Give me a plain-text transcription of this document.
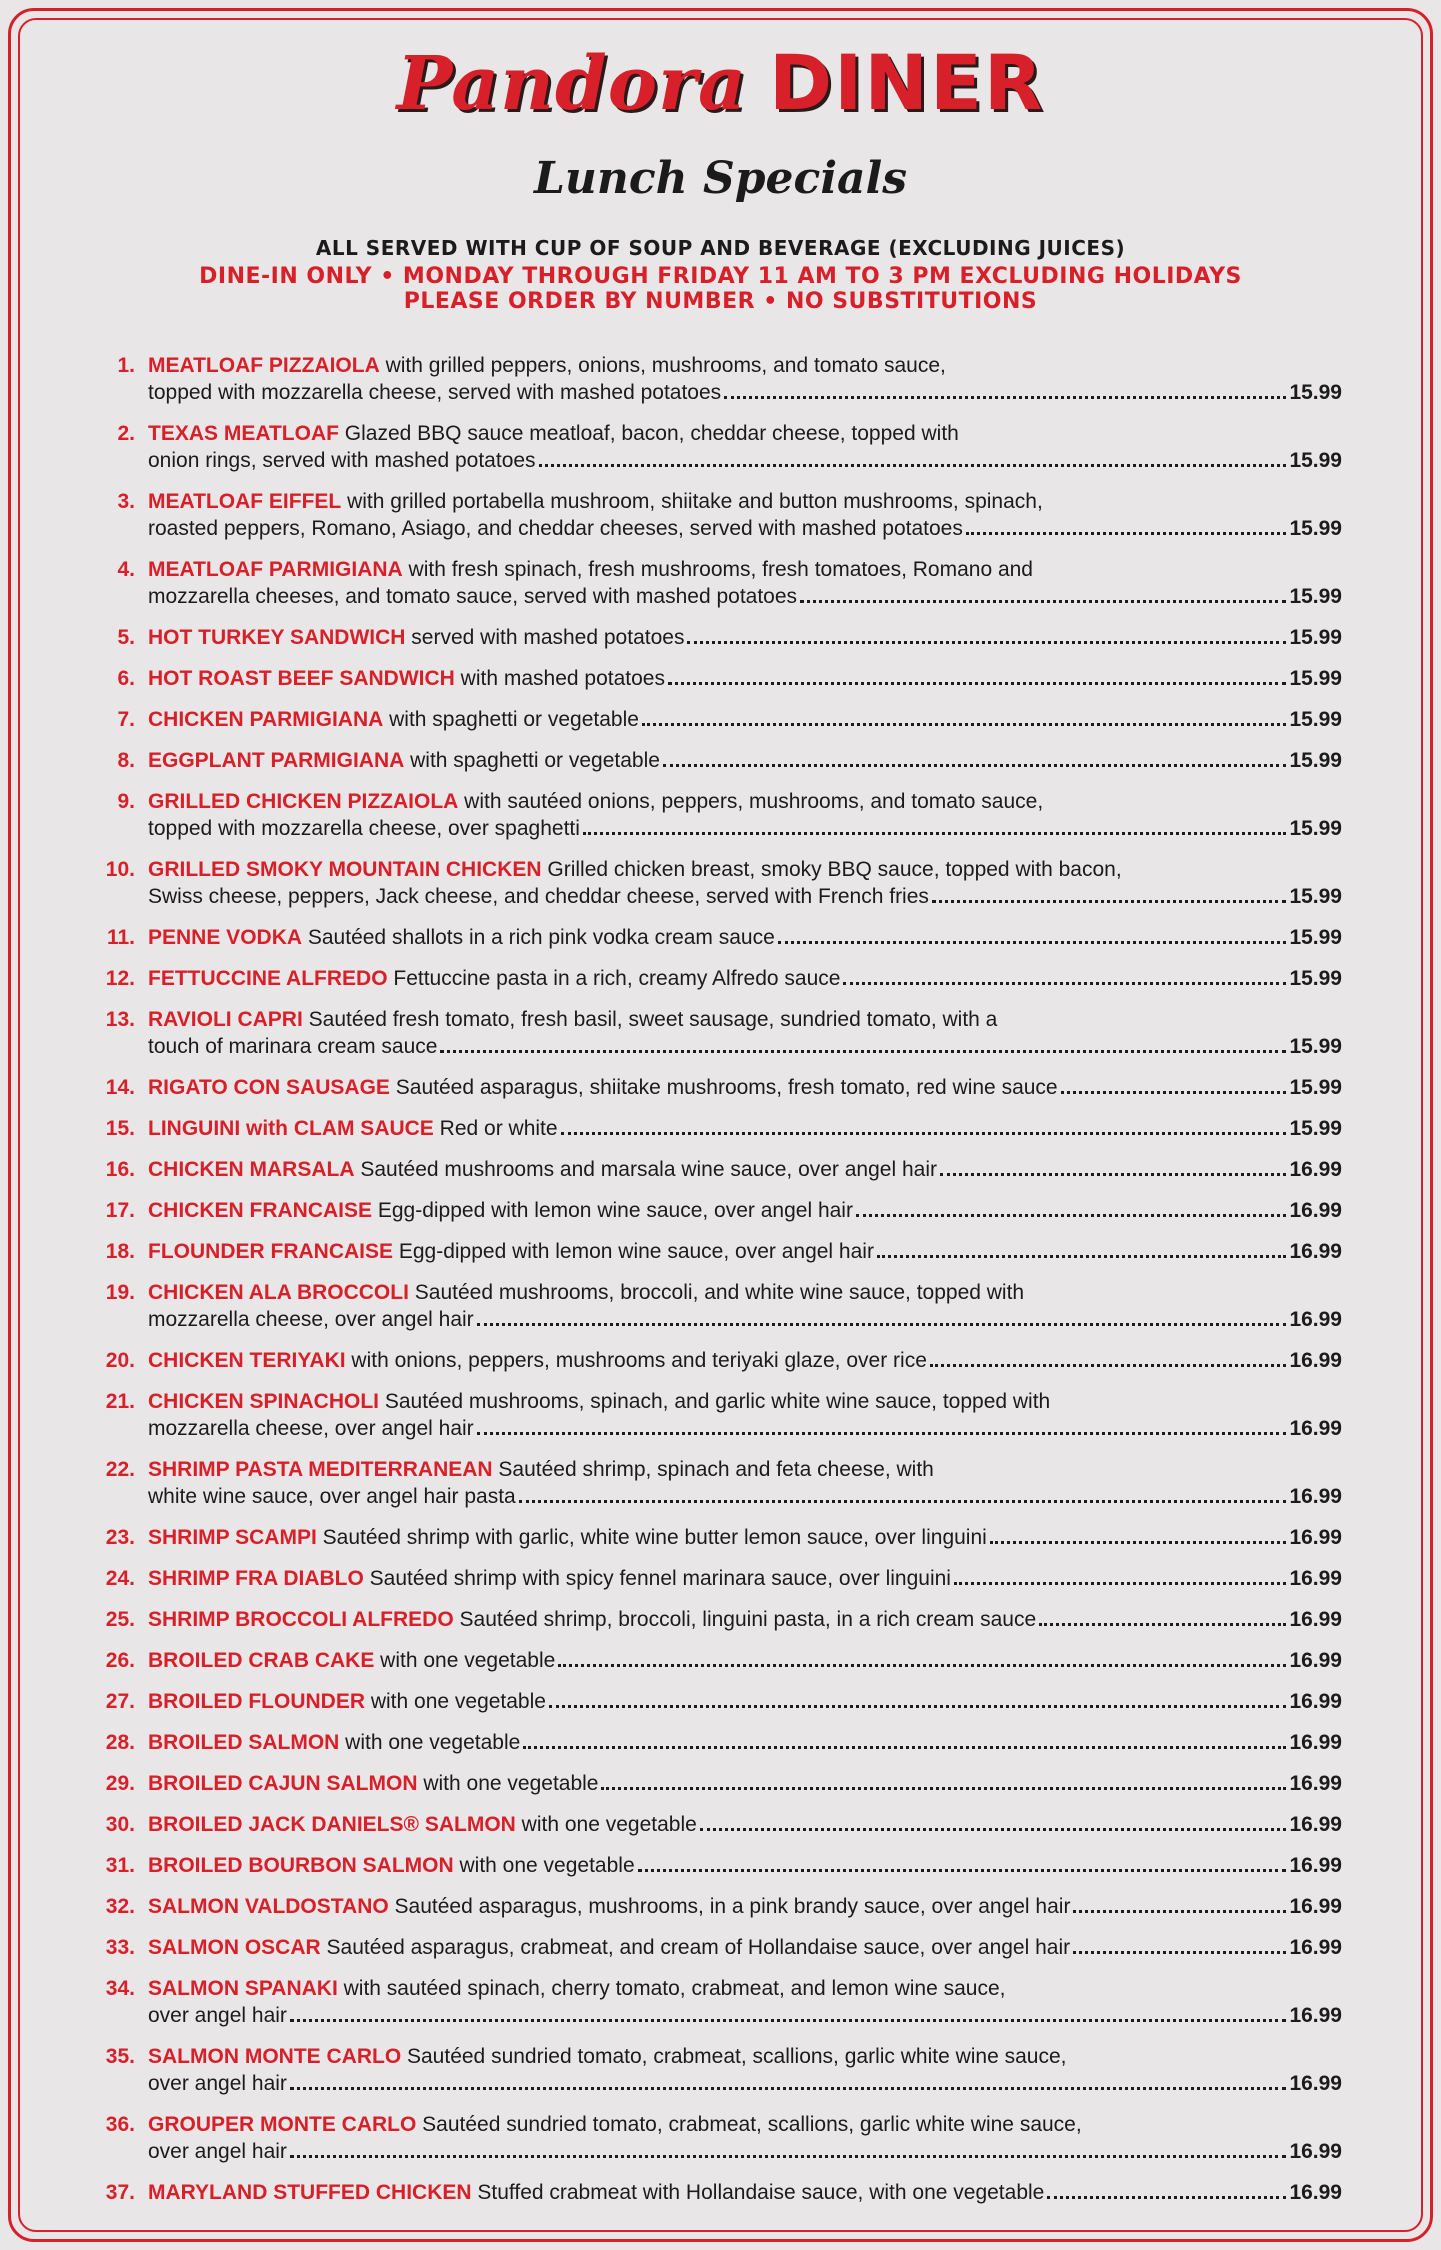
Pandora DINER
Lunch Specials
ALL SERVED WITH CUP OF SOUP AND BEVERAGE (EXCLUDING JUICES)
DINE-IN ONLY • MONDAY THROUGH FRIDAY 11 AM TO 3 PM EXCLUDING HOLIDAYS
PLEASE ORDER BY NUMBER • NO SUBSTITUTIONS
1. MEATLOAF PIZZAIOLA with grilled peppers, onions, mushrooms, and tomato sauce,
topped with mozzarella cheese, served with mashed potatoes	15.99
2. TEXAS MEATLOAF Glazed BBQ sauce meatloaf, bacon, cheddar cheese, topped with
onion rings, served with mashed potatoes	15.99
3. MEATLOAF EIFFEL with grilled portabella mushroom, shiitake and button mushrooms, spinach,
roasted peppers, Romano, Asiago, and cheddar cheeses, served with mashed potatoes	15.99
4. MEATLOAF PARMIGIANA with fresh spinach, fresh mushrooms, fresh tomatoes, Romano and
mozzarella cheeses, and tomato sauce, served with mashed potatoes	15.99
5. HOT TURKEY SANDWICH served with mashed potatoes	15.99
6. HOT ROAST BEEF SANDWICH with mashed potatoes	15.99
7. CHICKEN PARMIGIANA with spaghetti or vegetable	15.99
8. EGGPLANT PARMIGIANA with spaghetti or vegetable	15.99
9. GRILLED CHICKEN PIZZAIOLA with sautéed onions, peppers, mushrooms, and tomato sauce,
topped with mozzarella cheese, over spaghetti	15.99
10. GRILLED SMOKY MOUNTAIN CHICKEN Grilled chicken breast, smoky BBQ sauce, topped with bacon,
Swiss cheese, peppers, Jack cheese, and cheddar cheese, served with French fries	15.99
11. PENNE VODKA Sautéed shallots in a rich pink vodka cream sauce	15.99
12. FETTUCCINE ALFREDO Fettuccine pasta in a rich, creamy Alfredo sauce	15.99
13. RAVIOLI CAPRI Sautéed fresh tomato, fresh basil, sweet sausage, sundried tomato, with a
touch of marinara cream sauce	15.99
14. RIGATO CON SAUSAGE Sautéed asparagus, shiitake mushrooms, fresh tomato, red wine sauce	15.99
15. LINGUINI with CLAM SAUCE Red or white	15.99
16. CHICKEN MARSALA Sautéed mushrooms and marsala wine sauce, over angel hair	16.99
17. CHICKEN FRANCAISE Egg-dipped with lemon wine sauce, over angel hair	16.99
18. FLOUNDER FRANCAISE Egg-dipped with lemon wine sauce, over angel hair	16.99
19. CHICKEN ALA BROCCOLI Sautéed mushrooms, broccoli, and white wine sauce, topped with
mozzarella cheese, over angel hair	16.99
20. CHICKEN TERIYAKI with onions, peppers, mushrooms and teriyaki glaze, over rice	16.99
21. CHICKEN SPINACHOLI Sautéed mushrooms, spinach, and garlic white wine sauce, topped with
mozzarella cheese, over angel hair	16.99
22. SHRIMP PASTA MEDITERRANEAN Sautéed shrimp, spinach and feta cheese, with
white wine sauce, over angel hair pasta	16.99
23. SHRIMP SCAMPI Sautéed shrimp with garlic, white wine butter lemon sauce, over linguini	16.99
24. SHRIMP FRA DIABLO Sautéed shrimp with spicy fennel marinara sauce, over linguini	16.99
25. SHRIMP BROCCOLI ALFREDO Sautéed shrimp, broccoli, linguini pasta, in a rich cream sauce	16.99
26. BROILED CRAB CAKE with one vegetable	16.99
27. BROILED FLOUNDER with one vegetable	16.99
28. BROILED SALMON with one vegetable	16.99
29. BROILED CAJUN SALMON with one vegetable	16.99
30. BROILED JACK DANIELS® SALMON with one vegetable	16.99
31. BROILED BOURBON SALMON with one vegetable	16.99
32. SALMON VALDOSTANO Sautéed asparagus, mushrooms, in a pink brandy sauce, over angel hair	16.99
33. SALMON OSCAR Sautéed asparagus, crabmeat, and cream of Hollandaise sauce, over angel hair	16.99
34. SALMON SPANAKI with sautéed spinach, cherry tomato, crabmeat, and lemon wine sauce,
over angel hair	16.99
35. SALMON MONTE CARLO Sautéed sundried tomato, crabmeat, scallions, garlic white wine sauce,
over angel hair	16.99
36. GROUPER MONTE CARLO Sautéed sundried tomato, crabmeat, scallions, garlic white wine sauce,
over angel hair	16.99
37. MARYLAND STUFFED CHICKEN Stuffed crabmeat with Hollandaise sauce, with one vegetable	16.99
